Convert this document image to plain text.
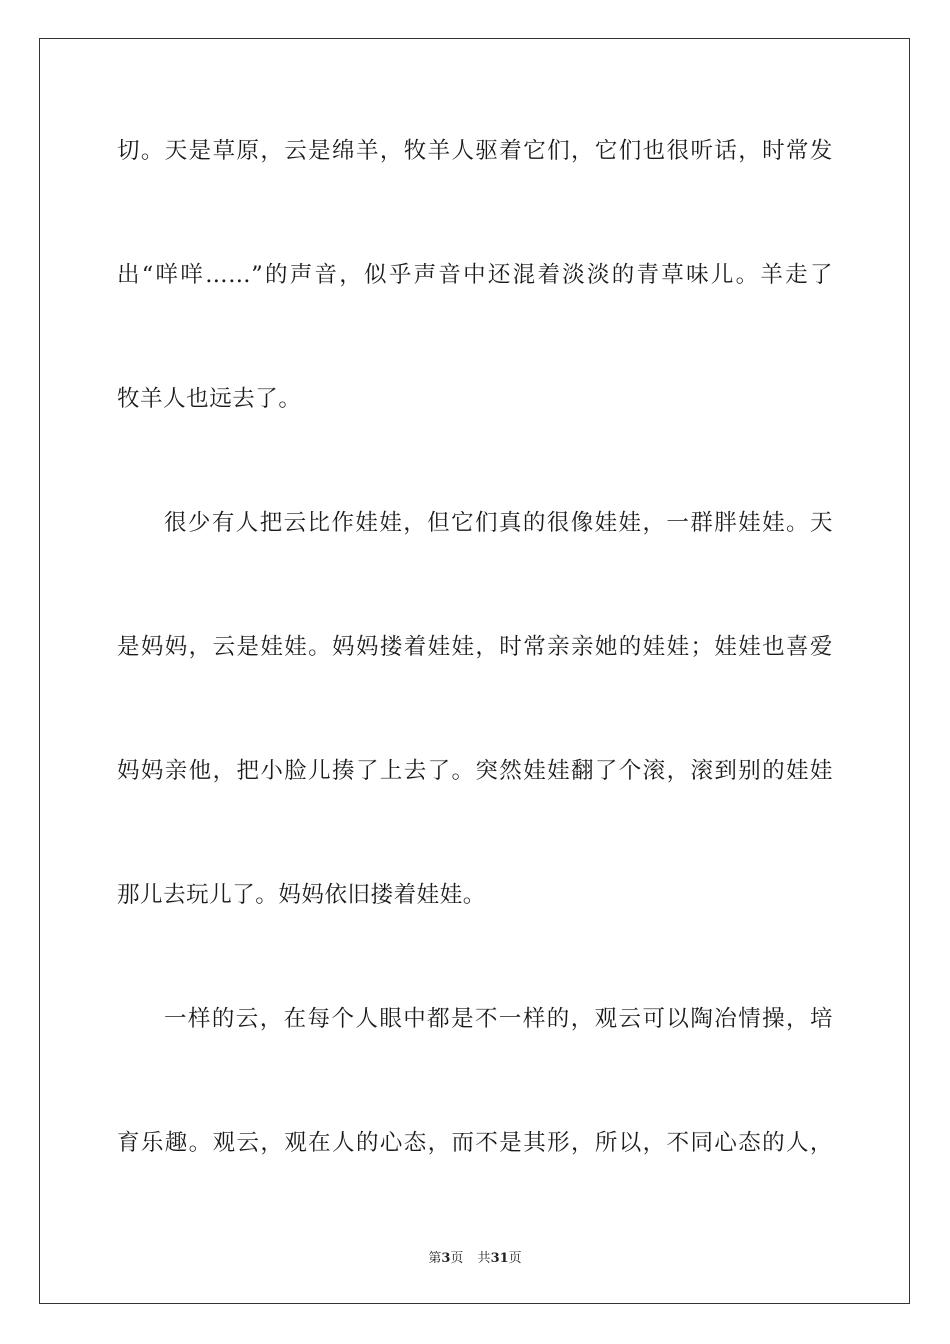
切。天是草原，云是绵羊，牧羊人驱着它们，它们也很听话，时常发
出“咩咩……”的声音，似乎声音中还混着淡淡的青草味儿。羊走了
牧羊人也远去了。
很少有人把云比作娃娃，但它们真的很像娃娃，一群胖娃娃。天
是妈妈，云是娃娃。妈妈搂着娃娃，时常亲亲她的娃娃；娃娃也喜爱
妈妈亲他，把小脸儿揍了上去了。突然娃娃翻了个滚，滚到别的娃娃
那儿去玩儿了。妈妈依旧搂着娃娃。
一样的云，在每个人眼中都是不一样的，观云可以陶冶情操，培
育乐趣。观云，观在人的心态，而不是其形，所以，不同心态的人，
第3页 共31页
